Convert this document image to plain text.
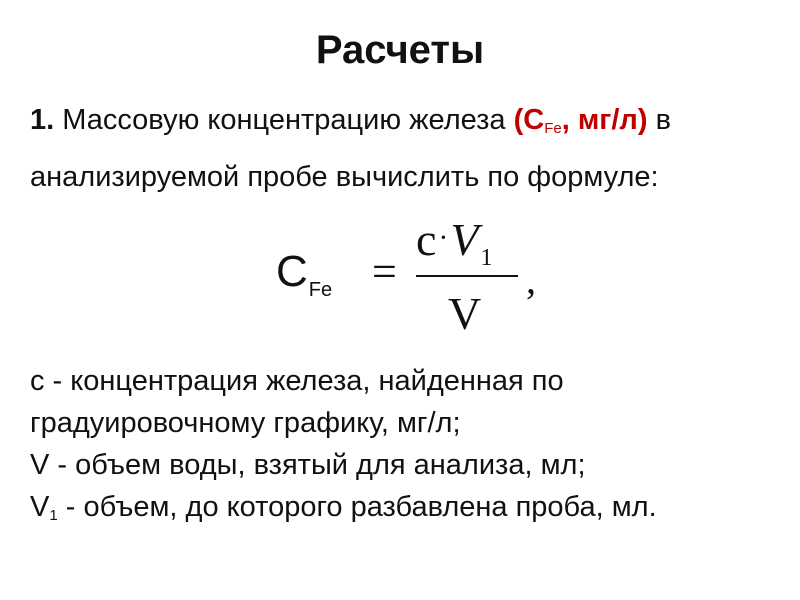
Расчеты
1. Массовую концентрацию железа ($С_{Fe}$, мг/л) в
анализируемой пробе вычислить по формуле:
$C_{Fe}$ =
$c\cdot V_1$
V
,
с - концентрация железа, найденная по
градуировочному графику, мг/л;
V - объем воды, взятый для анализа, мл;
$V_1$ - объем, до которого разбавлена проба, мл.
